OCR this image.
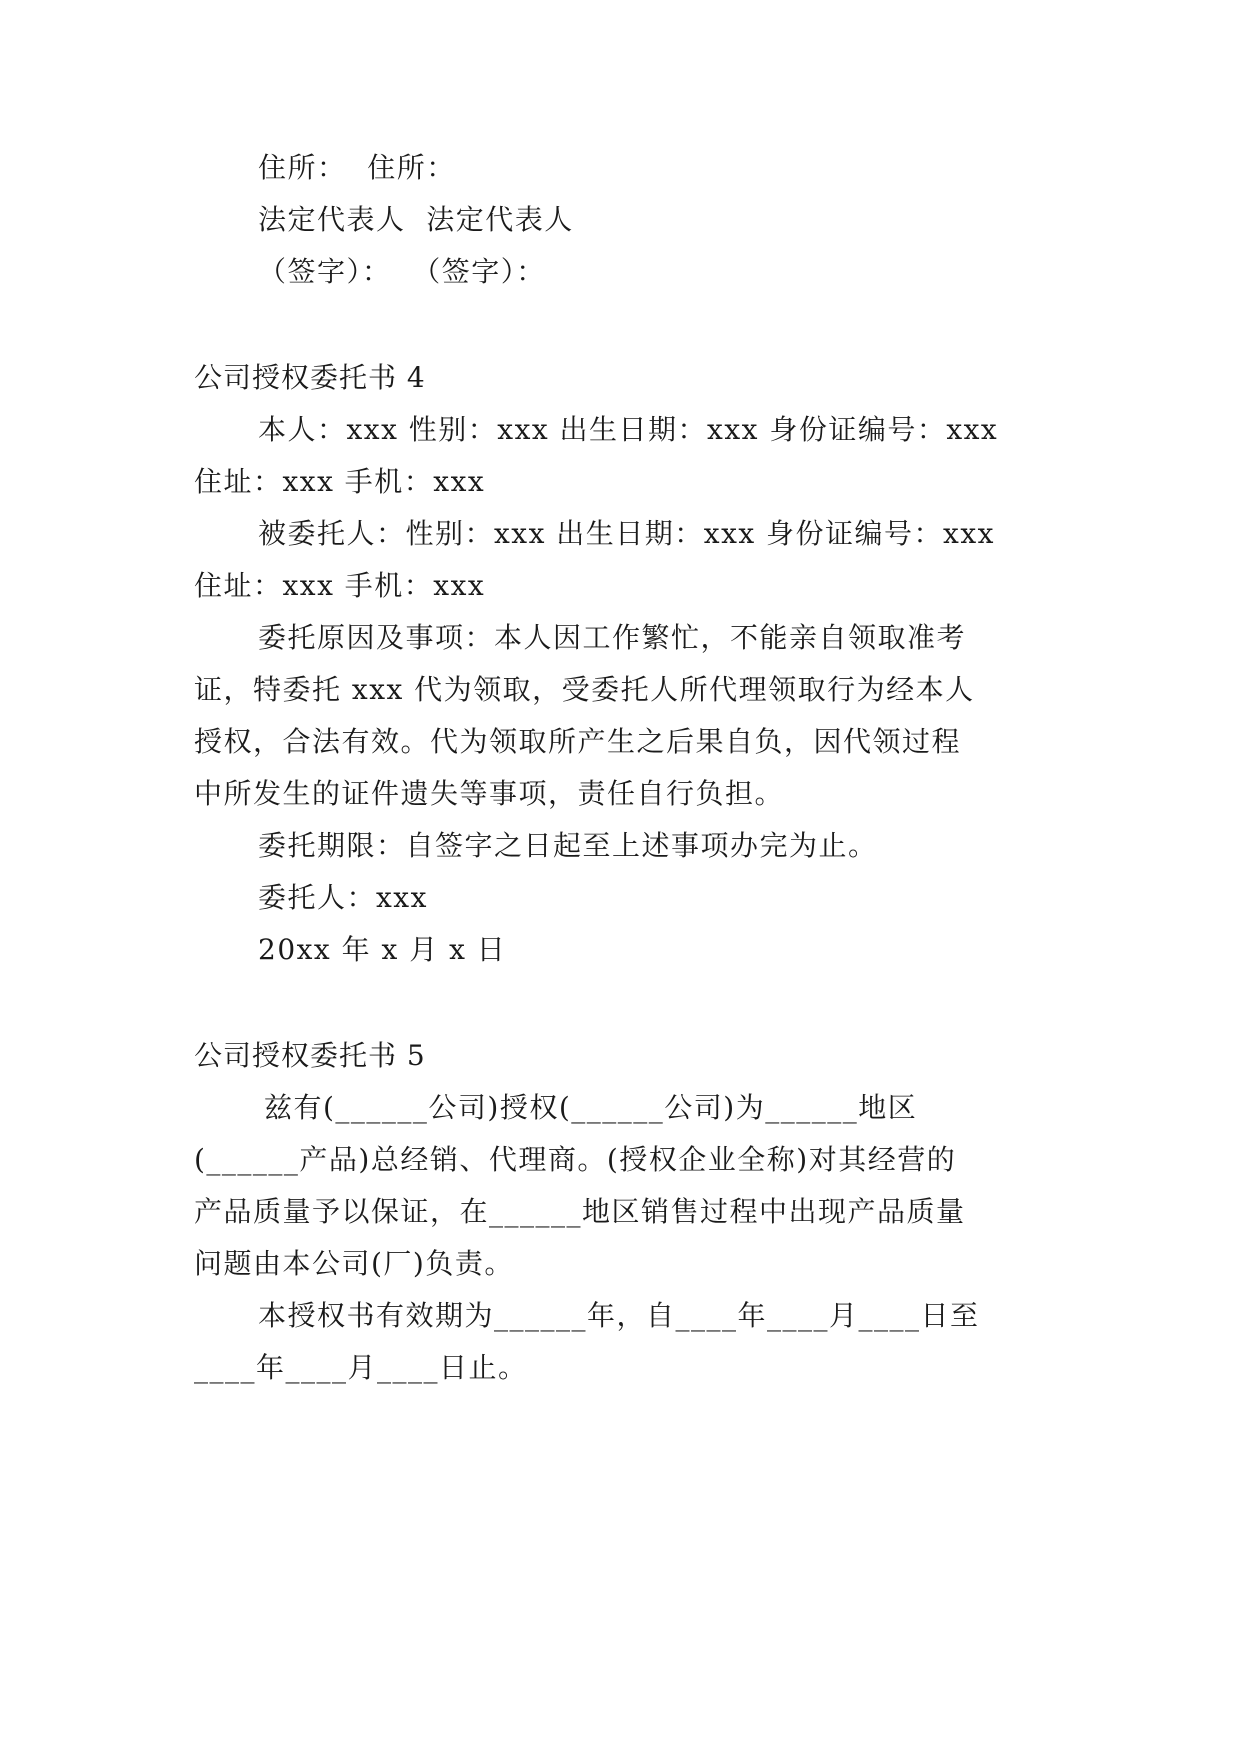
住所：  住所：
法定代表人  法定代表人
（签字）：  （签字）：
公司授权委托书 4
本人：xxx 性别：xxx 出生日期：xxx 身份证编号：xxx
住址：xxx 手机：xxx
被委托人：性别：xxx 出生日期：xxx 身份证编号：xxx
住址：xxx 手机：xxx
委托原因及事项：本人因工作繁忙，不能亲自领取准考
证，特委托 xxx 代为领取，受委托人所代理领取行为经本人
授权，合法有效。代为领取所产生之后果自负，因代领过程
中所发生的证件遗失等事项，责任自行负担。
委托期限：自签字之日起至上述事项办完为止。
委托人：xxx
20xx 年 x 月 x 日
公司授权委托书 5
兹有(______公司)授权(______公司)为______地区
(______产品)总经销、代理商。(授权企业全称)对其经营的
产品质量予以保证，在______地区销售过程中出现产品质量
问题由本公司(厂)负责。
本授权书有效期为______年，自____年____月____日至
____年____月____日止。
